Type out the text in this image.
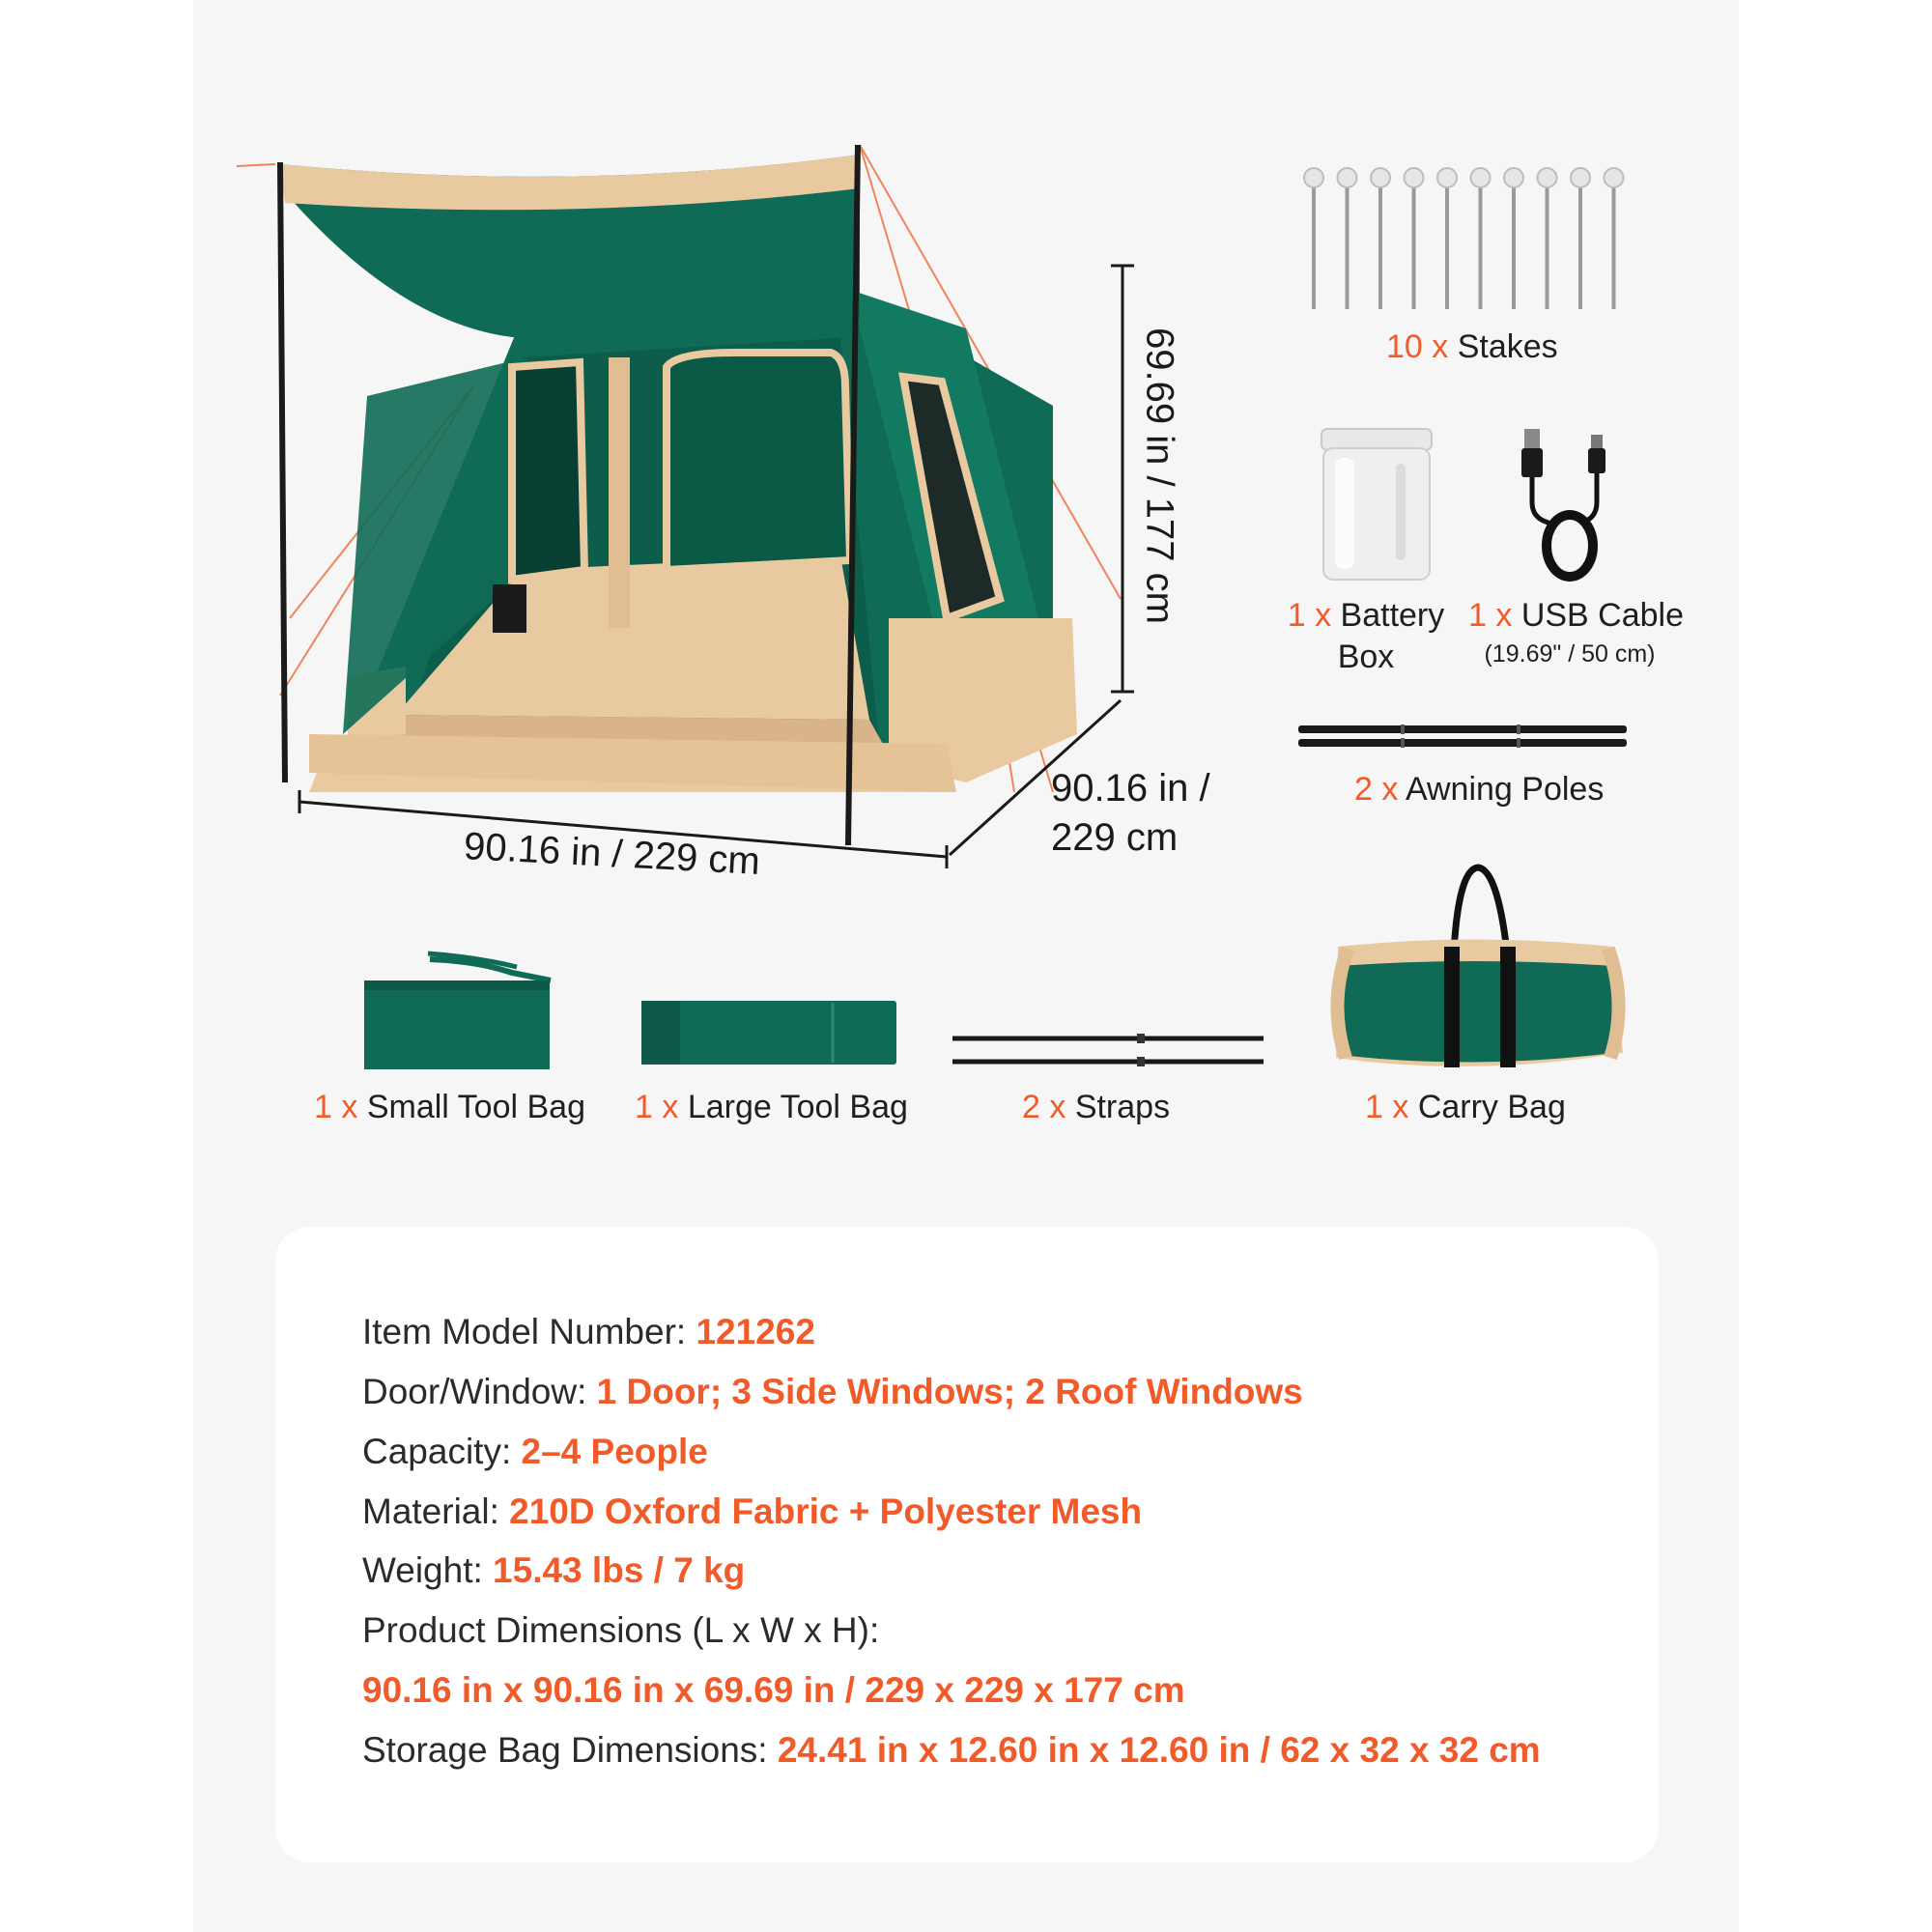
69.69 in / 177 cm
90.16 in / 229 cm
90.16 in /
229 cm
10 x Stakes
1 x Battery
Box
1 x USB Cable
(19.69" / 50 cm)
2 x Awning Poles
1 x Small Tool Bag 1 x Large Tool Bag	2 x Straps	1 x Carry Bag
Item Model Number: 121262
Door/Window: 1 Door; 3 Side Windows; 2 Roof Windows
Capacity: 2–4 People
Material: 210D Oxford Fabric + Polyester Mesh
Weight: 15.43 lbs / 7 kg
Product Dimensions (L x W x H):
90.16 in x 90.16 in x 69.69 in / 229 x 229 x 177 cm
Storage Bag Dimensions: 24.41 in x 12.60 in x 12.60 in / 62 x 32 x 32 cm
